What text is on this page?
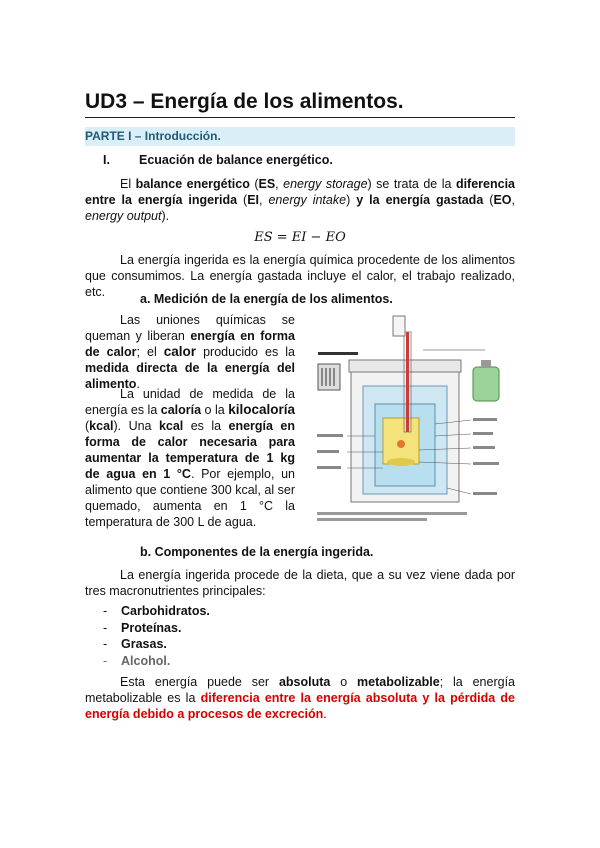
UD3 – Energía de los alimentos.
PARTE I – Introducción.
I. Ecuación de balance energético.
El balance energético (ES, energy storage) se trata de la diferencia entre la energía ingerida (EI, energy intake) y la energía gastada (EO, energy output).
ES = EI − EO
La energía ingerida es la energía química procedente de los alimentos que consumimos. La energía gastada incluye el calor, el trabajo realizado, etc.	a. Medición de la energía de los alimentos.
Las uniones químicas se queman y liberan energía en forma de calor; el calor producido es la medida directa de la energía del alimento.
La unidad de medida de la energía es la caloría o la kilocaloría (kcal). Una kcal es la energía en forma de calor necesaria para aumentar la temperatura de 1 kg de agua en 1 °C. Por ejemplo, un alimento que contiene 300 kcal, al ser quemado, aumenta en 1 °C la temperatura de 300 L de agua.
b. Componentes de la energía ingerida.
La energía ingerida procede de la dieta, que a su vez viene dada por tres macronutrientes principales:
- Carbohidratos.
- Proteínas.
- Grasas.
- Alcohol.
Esta energía puede ser absoluta o metabolizable; la energía metabolizable es la diferencia entre la energía absoluta y la pérdida de energía debido a procesos de excreción.
